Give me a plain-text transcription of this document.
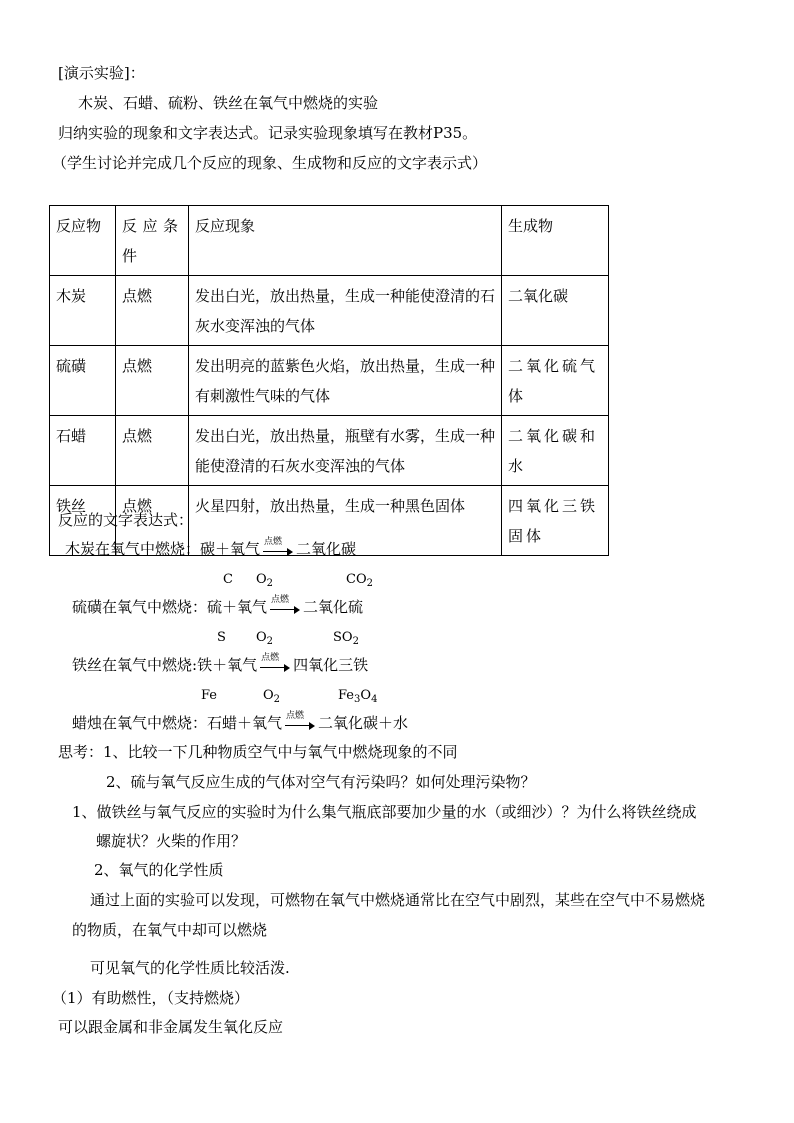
[演示实验]：
木炭、石蜡、硫粉、铁丝在氧气中燃烧的实验
归纳实验的现象和文字表达式。记录实验现象填写在教材P35。
（学生讨论并完成几个反应的现象、生成物和反应的文字表示式）
反应物	反应条件	反应现象	生成物
木炭	点燃	发出白光，放出热量，生成一种能使澄清的石灰水变浑浊的气体	二氧化碳
硫磺	点燃	发出明亮的蓝紫色火焰，放出热量，生成一种有刺激性气味的气体	二氧化硫气体
石蜡	点燃	发出白光，放出热量，瓶壁有水雾，生成一种能使澄清的石灰水变浑浊的气体	二氧化碳和水
铁丝	点燃	火星四射，放出热量，生成一种黑色固体	四氧化三铁固体
反应的文字表达式：
木炭在氧气中燃烧：碳＋氧气 点燃 二氧化碳
C $O_2$	$CO_2$
硫磺在氧气中燃烧：硫＋氧气 点燃 二氧化硫
S $O_2$	$SO_2$
铁丝在氧气中燃烧:铁＋氧气 点燃 四氧化三铁
Fe	$O_2$	$Fe_3O_4$
蜡烛在氧气中燃烧：石蜡＋氧气 点燃 二氧化碳＋水
思考：1、比较一下几种物质空气中与氧气中燃烧现象的不同
2、硫与氧气反应生成的气体对空气有污染吗？如何处理污染物？
1、做铁丝与氧气反应的实验时为什么集气瓶底部要加少量的水（或细沙）？为什么将铁丝绕成
螺旋状？火柴的作用？
2、氧气的化学性质
通过上面的实验可以发现，可燃物在氧气中燃烧通常比在空气中剧烈，某些在空气中不易燃烧
的物质，在氧气中却可以燃烧
可见氧气的化学性质比较活泼.
（1）有助燃性，（支持燃烧）
可以跟金属和非金属发生氧化反应
